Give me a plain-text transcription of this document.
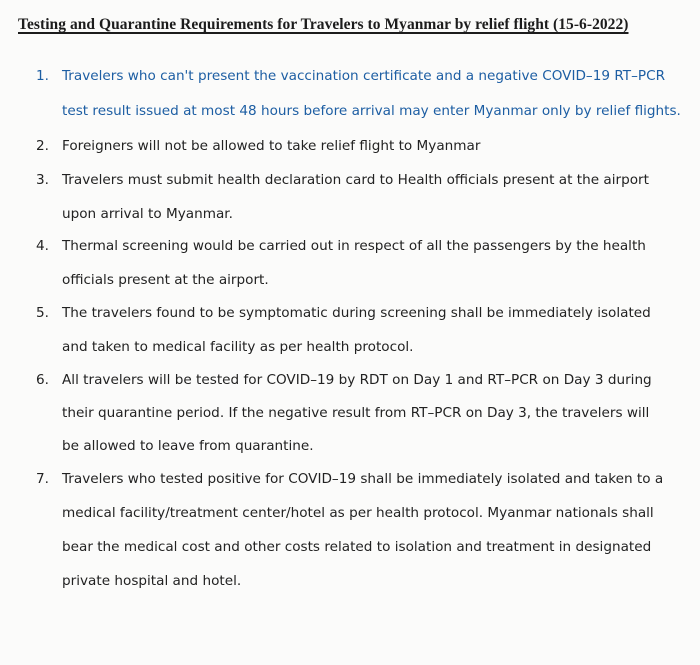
Testing and Quarantine Requirements for Travelers to Myanmar by relief flight (15-6-2022)
1. Travelers who can't present the vaccination certificate and a negative COVID–19 RT–PCR
test result issued at most 48 hours before arrival may enter Myanmar only by relief flights.
2. Foreigners will not be allowed to take relief flight to Myanmar
3. Travelers must submit health declaration card to Health officials present at the airport
upon arrival to Myanmar.
4. Thermal screening would be carried out in respect of all the passengers by the health
officials present at the airport.
5. The travelers found to be symptomatic during screening shall be immediately isolated
and taken to medical facility as per health protocol.
6. All travelers will be tested for COVID–19 by RDT on Day 1 and RT–PCR on Day 3 during
their quarantine period. If the negative result from RT–PCR on Day 3, the travelers will
be allowed to leave from quarantine.
7. Travelers who tested positive for COVID–19 shall be immediately isolated and taken to a
medical facility/treatment center/hotel as per health protocol. Myanmar nationals shall
bear the medical cost and other costs related to isolation and treatment in designated
private hospital and hotel.
